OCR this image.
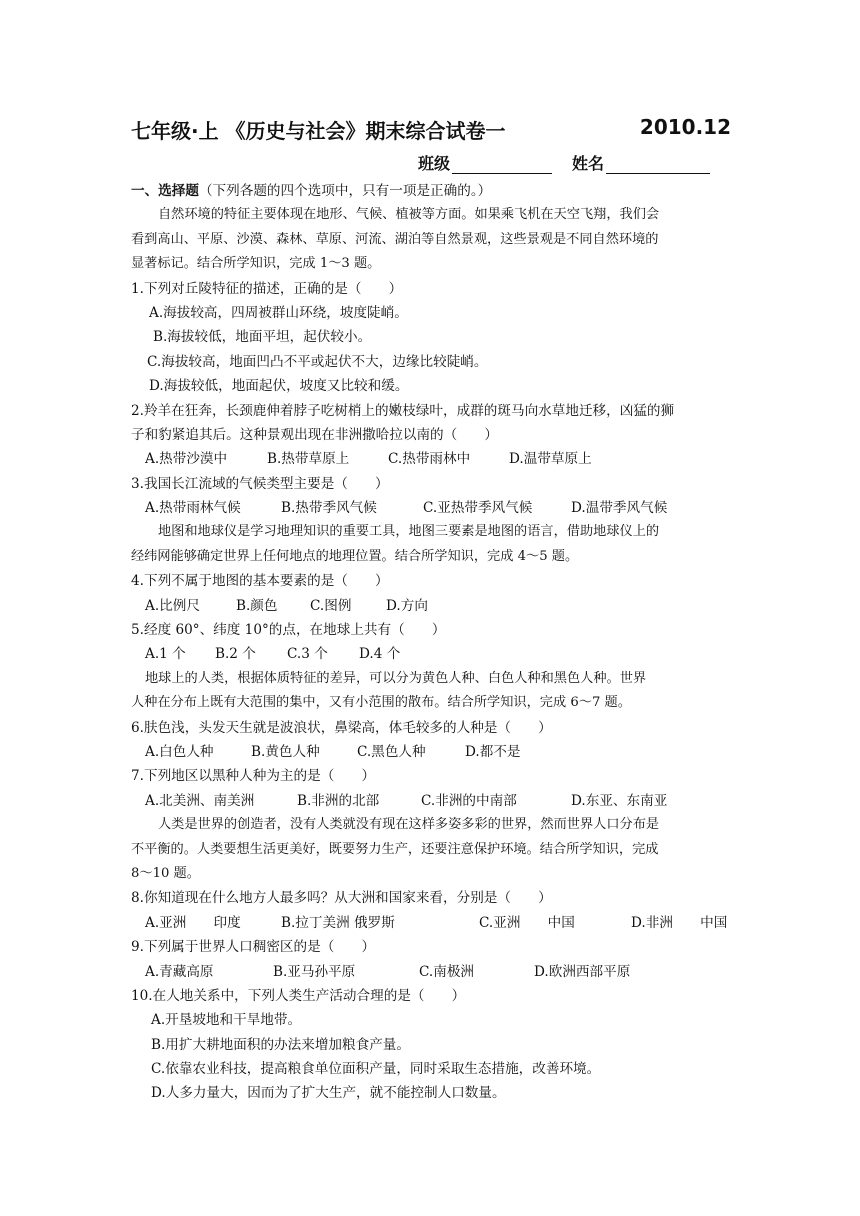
七年级·上 《历史与社会》期末综合试卷一	2010.12
班级	姓名
一、选择题（下列各题的四个选项中，只有一项是正确的。）
自然环境的特征主要体现在地形、气候、植被等方面。如果乘飞机在天空飞翔，我们会
看到高山、平原、沙漠、森林、草原、河流、湖泊等自然景观，这些景观是不同自然环境的
显著标记。结合所学知识，完成 1～3 题。
1.下列对丘陵特征的描述，正确的是（　　）
A.海拔较高，四周被群山环绕，坡度陡峭。
B.海拔较低，地面平坦，起伏较小。
C.海拔较高，地面凹凸不平或起伏不大，边缘比较陡峭。
D.海拔较低，地面起伏，坡度又比较和缓。
2.羚羊在狂奔，长颈鹿伸着脖子吃树梢上的嫩枝绿叶，成群的斑马向水草地迁移，凶猛的狮
子和豹紧追其后。这种景观出现在非洲撒哈拉以南的（　　）
A.热带沙漠中	B.热带草原上	C.热带雨林中	D.温带草原上
3.我国长江流域的气候类型主要是（　　）
A.热带雨林气候	B.热带季风气候	C.亚热带季风气候	D.温带季风气候
地图和地球仪是学习地理知识的重要工具，地图三要素是地图的语言，借助地球仪上的
经纬网能够确定世界上任何地点的地理位置。结合所学知识，完成 4～5 题。
4.下列不属于地图的基本要素的是（　　）
A.比例尺	B.颜色 C.图例	D.方向
5.经度 60°、纬度 10°的点，在地球上共有（　　）
A.1 个 B.2 个 C.3 个 D.4 个
地球上的人类，根据体质特征的差异，可以分为黄色人种、白色人种和黑色人种。世界
人种在分布上既有大范围的集中，又有小范围的散布。结合所学知识，完成 6～7 题。
6.肤色浅，头发天生就是波浪状，鼻梁高，体毛较多的人种是（　　）
A.白色人种	B.黄色人种	C.黑色人种	D.都不是
7.下列地区以黑种人种为主的是（　　）
A.北美洲、南美洲	B.非洲的北部	C.非洲的中南部	D.东亚、东南亚
人类是世界的创造者，没有人类就没有现在这样多姿多彩的世界，然而世界人口分布是
不平衡的。人类要想生活更美好，既要努力生产，还要注意保护环境。结合所学知识，完成
8～10 题。
8.你知道现在什么地方人最多吗？从大洲和国家来看，分别是（　　）
A.亚洲　　印度	B.拉丁美洲 俄罗斯	C.亚洲　　中国	D.非洲　　中国
9.下列属于世界人口稠密区的是（　　）
A.青藏高原	B.亚马孙平原	C.南极洲	D.欧洲西部平原
10.在人地关系中，下列人类生产活动合理的是（　　）
A.开垦坡地和干旱地带。
B.用扩大耕地面积的办法来增加粮食产量。
C.依靠农业科技，提高粮食单位面积产量，同时采取生态措施，改善环境。
D.人多力量大，因而为了扩大生产，就不能控制人口数量。
